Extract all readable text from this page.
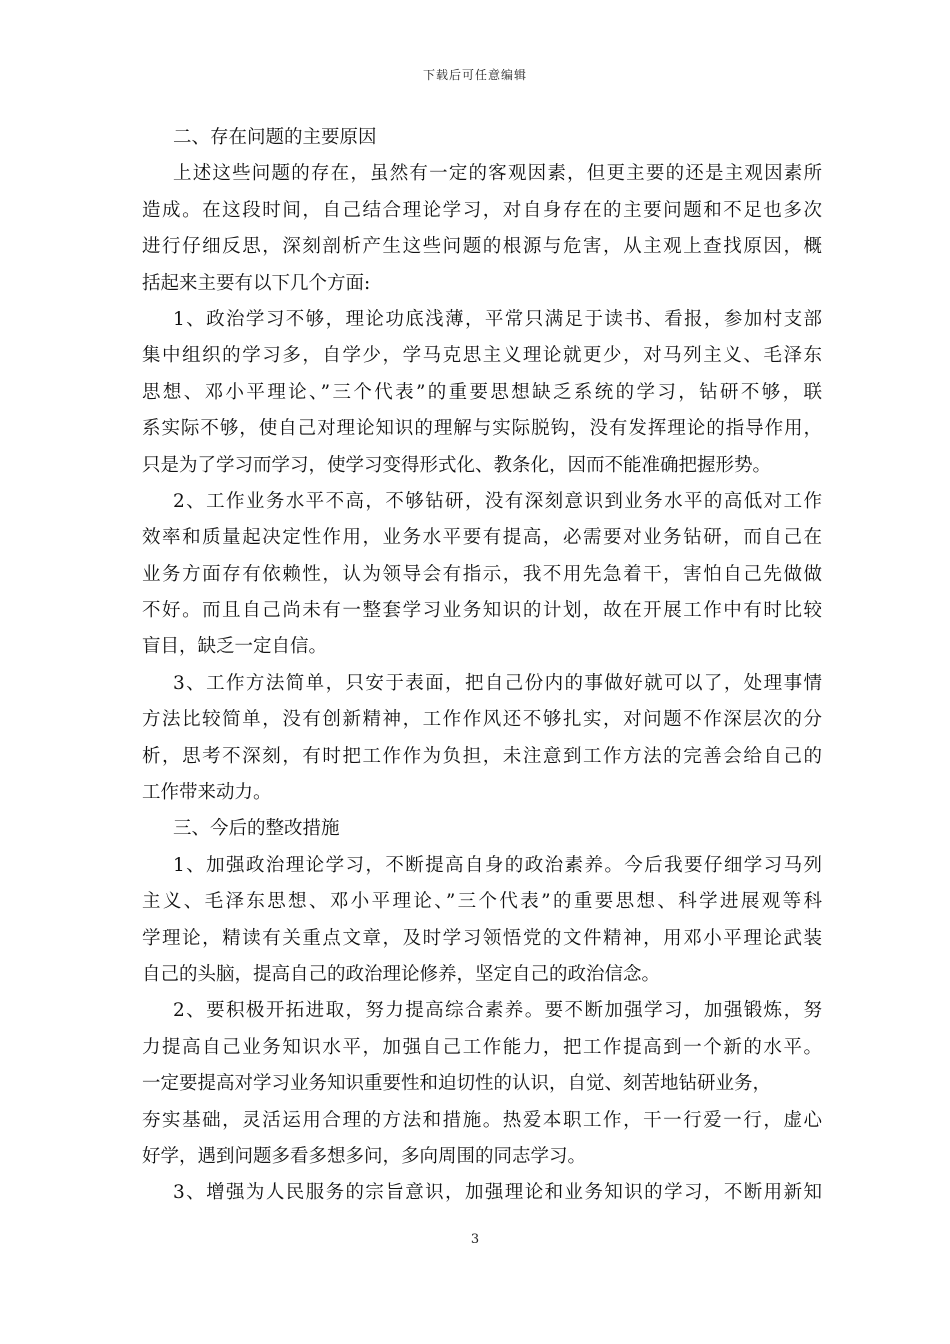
下载后可任意编辑
二、存在问题的主要原因
上述这些问题的存在，虽然有一定的客观因素，但更主要的还是主观因素所
造成。在这段时间，自己结合理论学习，对自身存在的主要问题和不足也多次
进行仔细反思，深刻剖析产生这些问题的根源与危害，从主观上查找原因，概
括起来主要有以下几个方面:
1、政治学习不够，理论功底浅薄，平常只满足于读书、看报，参加村支部
集中组织的学习多，自学少，学马克思主义理论就更少，对马列主义、毛泽东
思想、邓小平理论、”三个代表”的重要思想缺乏系统的学习，钻研不够，联
系实际不够，使自己对理论知识的理解与实际脱钩，没有发挥理论的指导作用，
只是为了学习而学习，使学习变得形式化、教条化，因而不能准确把握形势。
2、工作业务水平不高，不够钻研，没有深刻意识到业务水平的高低对工作
效率和质量起决定性作用，业务水平要有提高，必需要对业务钻研，而自己在
业务方面存有依赖性，认为领导会有指示，我不用先急着干，害怕自己先做做
不好。而且自己尚未有一整套学习业务知识的计划，故在开展工作中有时比较
盲目，缺乏一定自信。
3、工作方法简单，只安于表面，把自己份内的事做好就可以了，处理事情
方法比较简单，没有创新精神，工作作风还不够扎实，对问题不作深层次的分
析，思考不深刻，有时把工作作为负担，未注意到工作方法的完善会给自己的
工作带来动力。
三、今后的整改措施
1、加强政治理论学习，不断提高自身的政治素养。今后我要仔细学习马列
主义、毛泽东思想、邓小平理论、”三个代表”的重要思想、科学进展观等科
学理论，精读有关重点文章，及时学习领悟党的文件精神，用邓小平理论武装
自己的头脑，提高自己的政治理论修养，坚定自己的政治信念。
2、要积极开拓进取，努力提高综合素养。要不断加强学习，加强锻炼，努
力提高自己业务知识水平，加强自己工作能力，把工作提高到一个新的水平。
一定要提高对学习业务知识重要性和迫切性的认识，自觉、刻苦地钻研业务，
夯实基础，灵活运用合理的方法和措施。热爱本职工作，干一行爱一行，虚心
好学，遇到问题多看多想多问，多向周围的同志学习。
3、增强为人民服务的宗旨意识，加强理论和业务知识的学习，不断用新知
3
